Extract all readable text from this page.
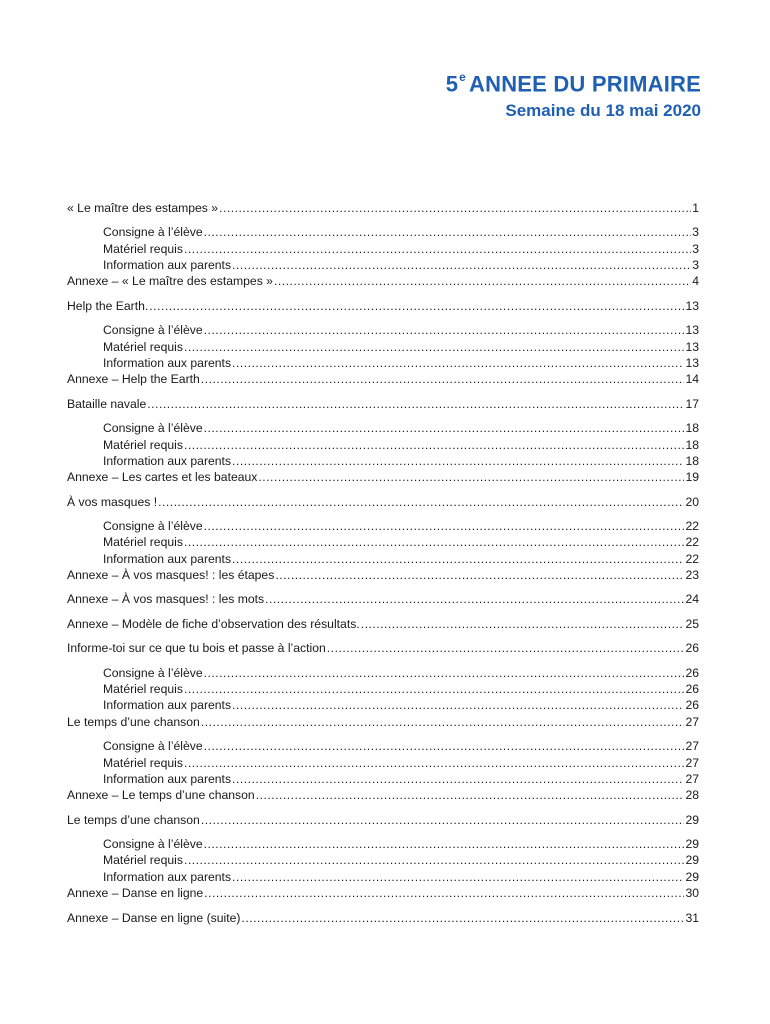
5e ANNEE DU PRIMAIRE
Semaine du 18 mai 2020
« Le maître des estampes » .....	1
Consigne à l’élève .....	3
Matériel requis .....	3
Information aux parents .....	3
Annexe – « Le maître des estampes » .....	4
Help the Earth. .....	13
Consigne à l’élève .....	13
Matériel requis .....	13
Information aux parents .....	13
Annexe – Help the Earth .....	14
Bataille navale .....	17
Consigne à l’élève .....	18
Matériel requis .....	18
Information aux parents .....	18
Annexe – Les cartes et les bateaux .....	19
À vos masques ! .....	20
Consigne à l’élève .....	22
Matériel requis .....	22
Information aux parents .....	22
Annexe – À vos masques! : les étapes .....	23
Annexe – À vos masques! : les mots .....	24
Annexe – Modèle de fiche d’observation des résultats. .....	25
Informe-toi sur ce que tu bois et passe à l’action .....	26
Consigne à l’élève .....	26
Matériel requis .....	26
Information aux parents .....	26
Le temps d’une chanson .....	27
Consigne à l’élève .....	27
Matériel requis .....	27
Information aux parents .....	27
Annexe – Le temps d’une chanson .....	28
Le temps d’une chanson .....	29
Consigne à l’élève .....	29
Matériel requis .....	29
Information aux parents .....	29
Annexe – Danse en ligne .....	30
Annexe – Danse en ligne (suite) .....	31
